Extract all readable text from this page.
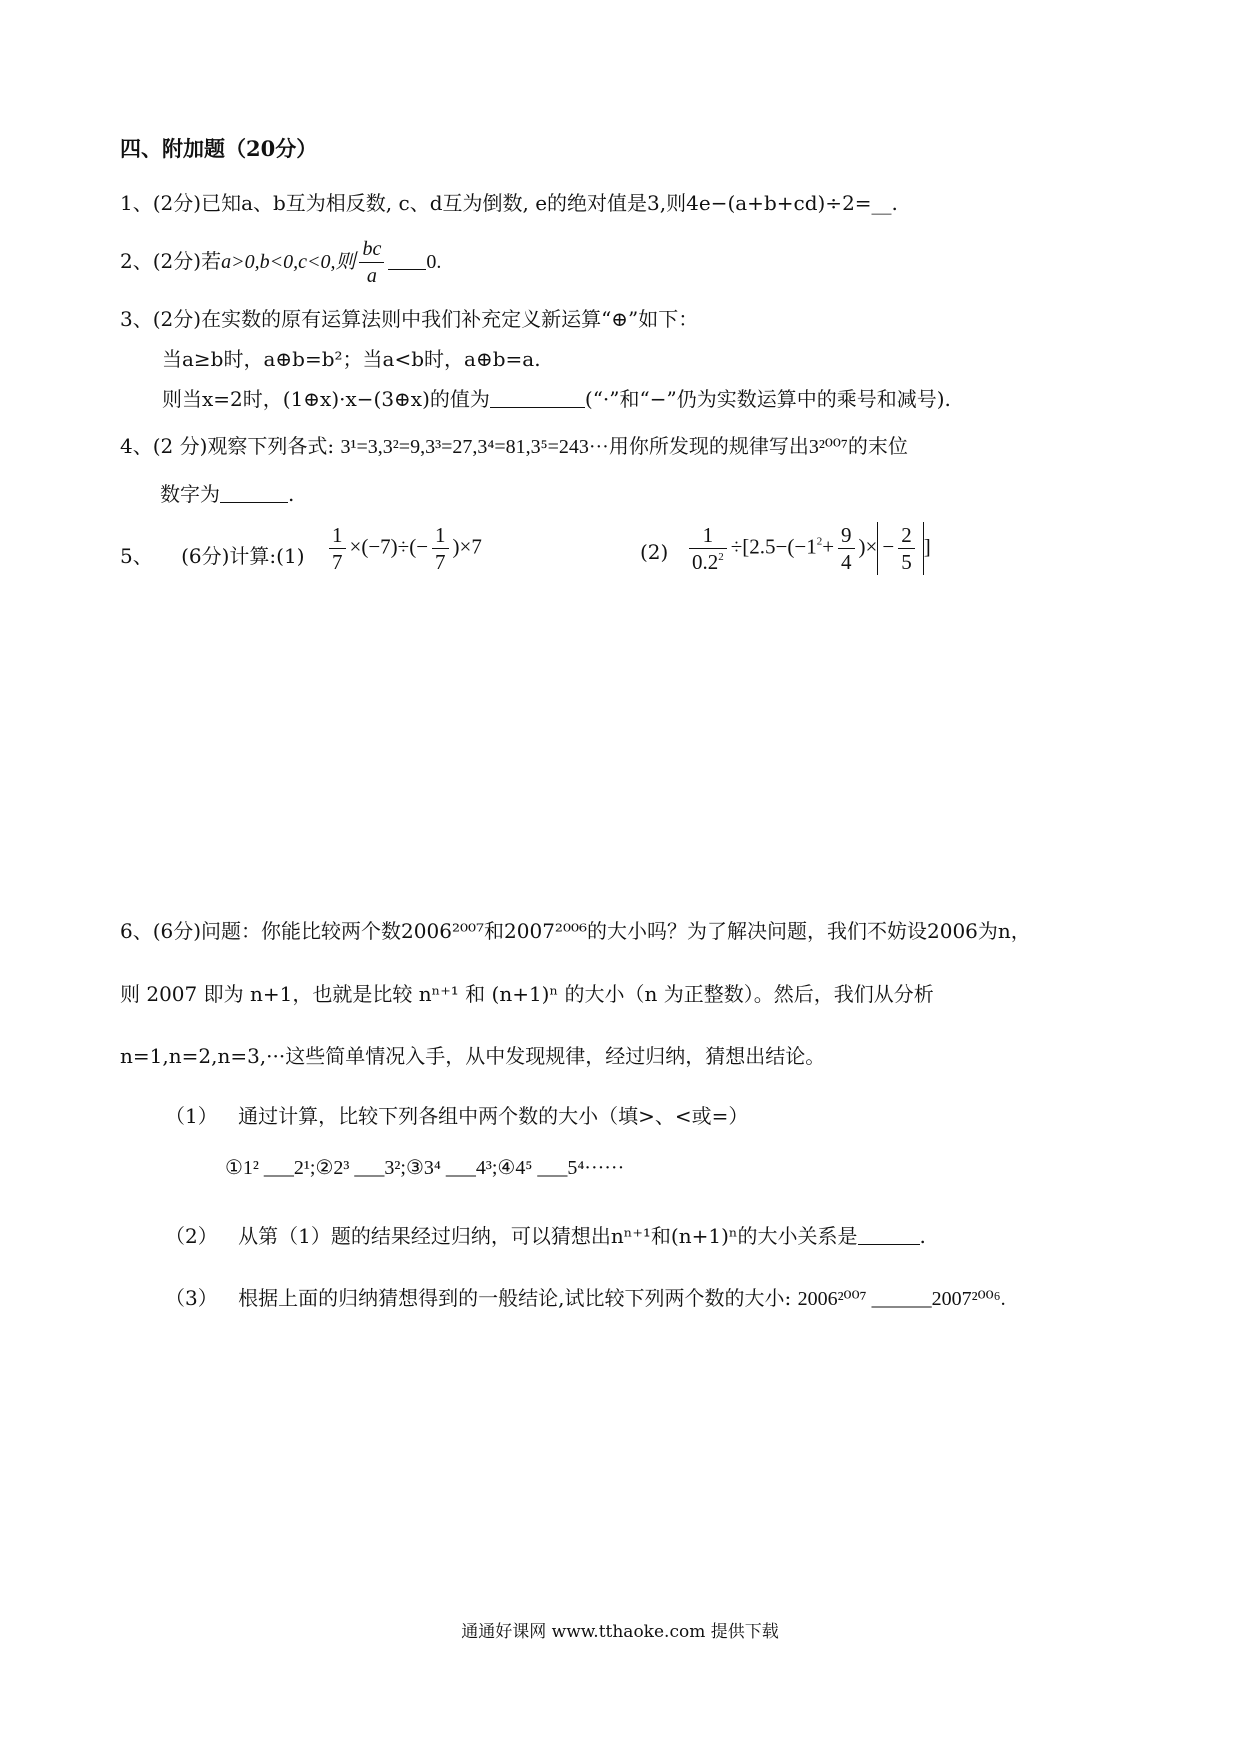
四、附加题（20分）
1、(2分)已知a、b互为相反数, c、d互为倒数, e的绝对值是3,则4e−(a+b+cd)÷2=__.
2、(2分)若a>0,b<0,c<0,则 $\frac{bc}{a} 0$.
3、(2分)在实数的原有运算法则中我们补充定义新运算“⊕”如下：
当a≥b时，a⊕b=b²；当a<b时，a⊕b=a.
则当x=2时，(1⊕x)·x−(3⊕x)的值为	(“·”和“−”仍为实数运算中的乘号和减号).
4、(2 分)观察下列各式: 3¹=3,3²=9,3³=27,3⁴=81,3⁵=243···用你所发现的规律写出3²⁰⁰⁷的末位
数字为	.
5、 (6分)计算:(1) $\frac{1}{7} \times(-7)\div(- \frac{1}{7} )\times 7$	$(2) \frac{1}{0.2^2} \div[2.5-(-1^2+ \frac{9}{4}$ )× − $\frac{2}{5}$ ]
6、(6分)问题：你能比较两个数2006²⁰⁰⁷和2007²⁰⁰⁶的大小吗？为了解决问题，我们不妨设2006为n，
则 2007 即为 n+1，也就是比较 nⁿ⁺¹ 和 (n+1)ⁿ 的大小（n 为正整数）。然后，我们从分析
n=1,n=2,n=3,···这些简单情况入手，从中发现规律，经过归纳，猜想出结论。
（1） 通过计算，比较下列各组中两个数的大小（填>、<或=）
①1² ___2¹;②2³ ___3²;③3⁴ ___4³;④4⁵ ___5⁴······
（2） 从第（1）题的结果经过归纳，可以猜想出nⁿ⁺¹和(n+1)ⁿ的大小关系是	.
（3） 根据上面的归纳猜想得到的一般结论,试比较下列两个数的大小: 2006²⁰⁰⁷ ______2007²⁰⁰⁶.
通通好课网 www.tthaoke.com 提供下载
